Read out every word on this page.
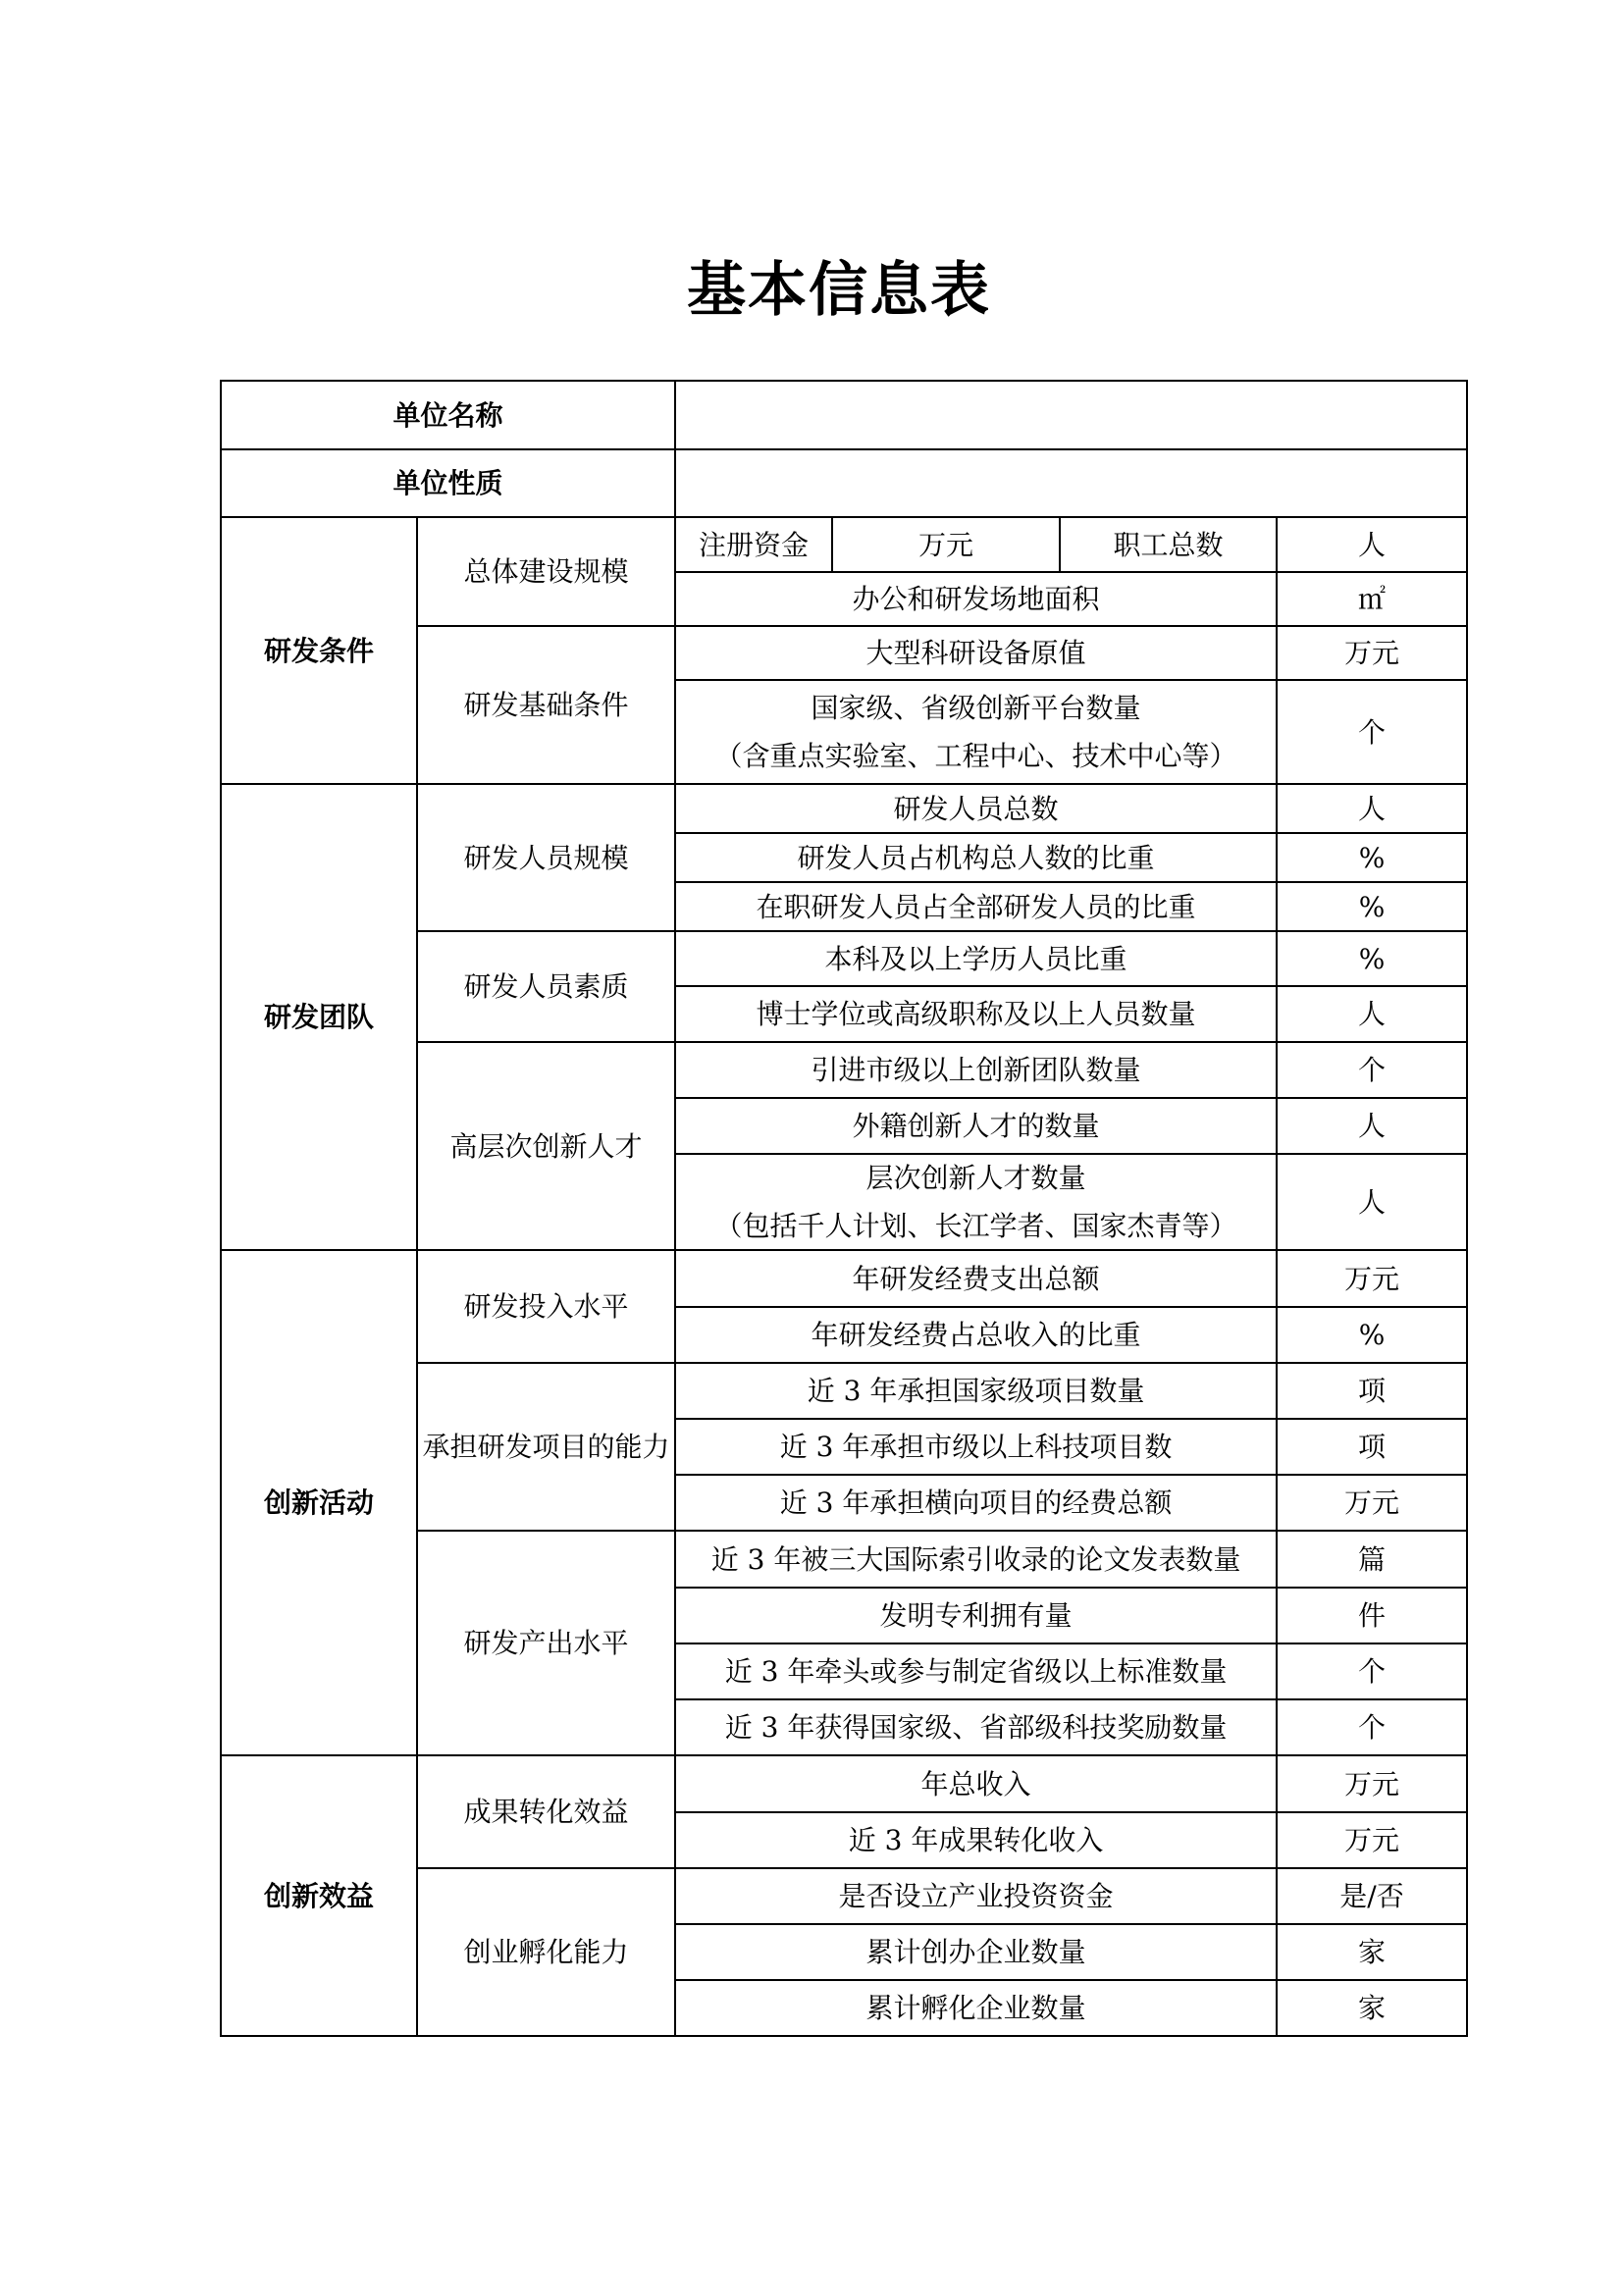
基本信息表
单位名称					
单位性质					
研发条件	总体建设规模	注册资金	万元	职工总数	人
		办公和研发场地面积			㎡
	研发基础条件	大型科研设备原值			万元
		国家级、省级创新平台数量
（含重点实验室、工程中心、技术中心等）			个
研发团队	研发人员规模	研发人员总数			人
		研发人员占机构总人数的比重			%
		在职研发人员占全部研发人员的比重			%
	研发人员素质	本科及以上学历人员比重			%
		博士学位或高级职称及以上人员数量			人
	高层次创新人才	引进市级以上创新团队数量			个
		外籍创新人才的数量			人
		层次创新人才数量
（包括千人计划、长江学者、国家杰青等）			人
创新活动	研发投入水平	年研发经费支出总额			万元
		年研发经费占总收入的比重			%
	承担研发项目的能力	近 3 年承担国家级项目数量			项
		近 3 年承担市级以上科技项目数			项
		近 3 年承担横向项目的经费总额			万元
	研发产出水平	近 3 年被三大国际索引收录的论文发表数量			篇
		发明专利拥有量			件
		近 3 年牵头或参与制定省级以上标准数量			个
		近 3 年获得国家级、省部级科技奖励数量			个
创新效益	成果转化效益	年总收入			万元
		近 3 年成果转化收入			万元
	创业孵化能力	是否设立产业投资资金			是/否
		累计创办企业数量			家
		累计孵化企业数量			家
